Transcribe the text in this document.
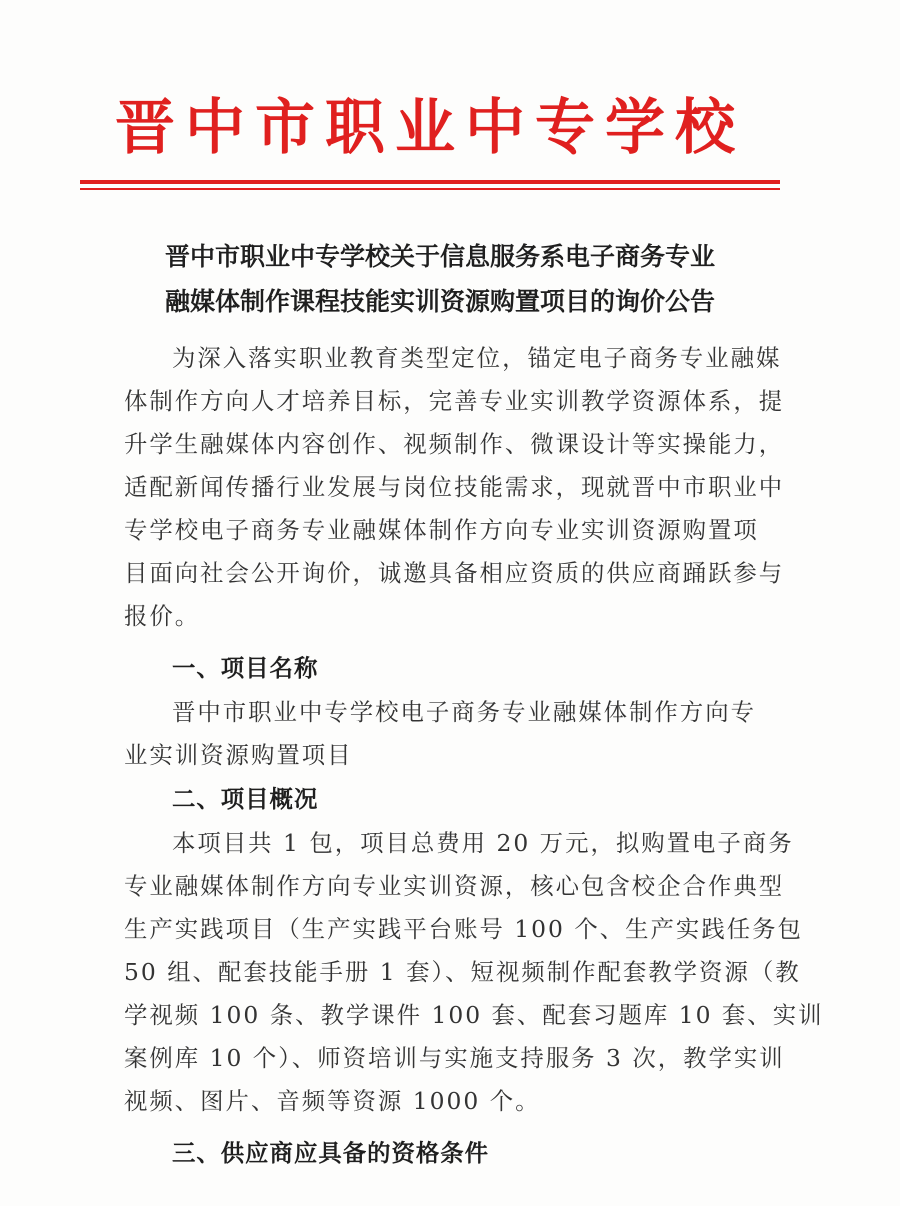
晋中市职业中专学校
晋中市职业中专学校关于信息服务系电子商务专业
融媒体制作课程技能实训资源购置项目的询价公告
为深入落实职业教育类型定位，锚定电子商务专业融媒
体制作方向人才培养目标，完善专业实训教学资源体系，提
升学生融媒体内容创作、视频制作、微课设计等实操能力，
适配新闻传播行业发展与岗位技能需求，现就晋中市职业中
专学校电子商务专业融媒体制作方向专业实训资源购置项
目面向社会公开询价，诚邀具备相应资质的供应商踊跃参与
报价。
一、项目名称
晋中市职业中专学校电子商务专业融媒体制作方向专
业实训资源购置项目
二、项目概况
本项目共 1 包，项目总费用 20 万元，拟购置电子商务
专业融媒体制作方向专业实训资源，核心包含校企合作典型
生产实践项目（生产实践平台账号 100 个、生产实践任务包
50 组、配套技能手册 1 套）、短视频制作配套教学资源（教
学视频 100 条、教学课件 100 套、配套习题库 10 套、实训
案例库 10 个）、师资培训与实施支持服务 3 次，教学实训
视频、图片、音频等资源 1000 个。
三、供应商应具备的资格条件
